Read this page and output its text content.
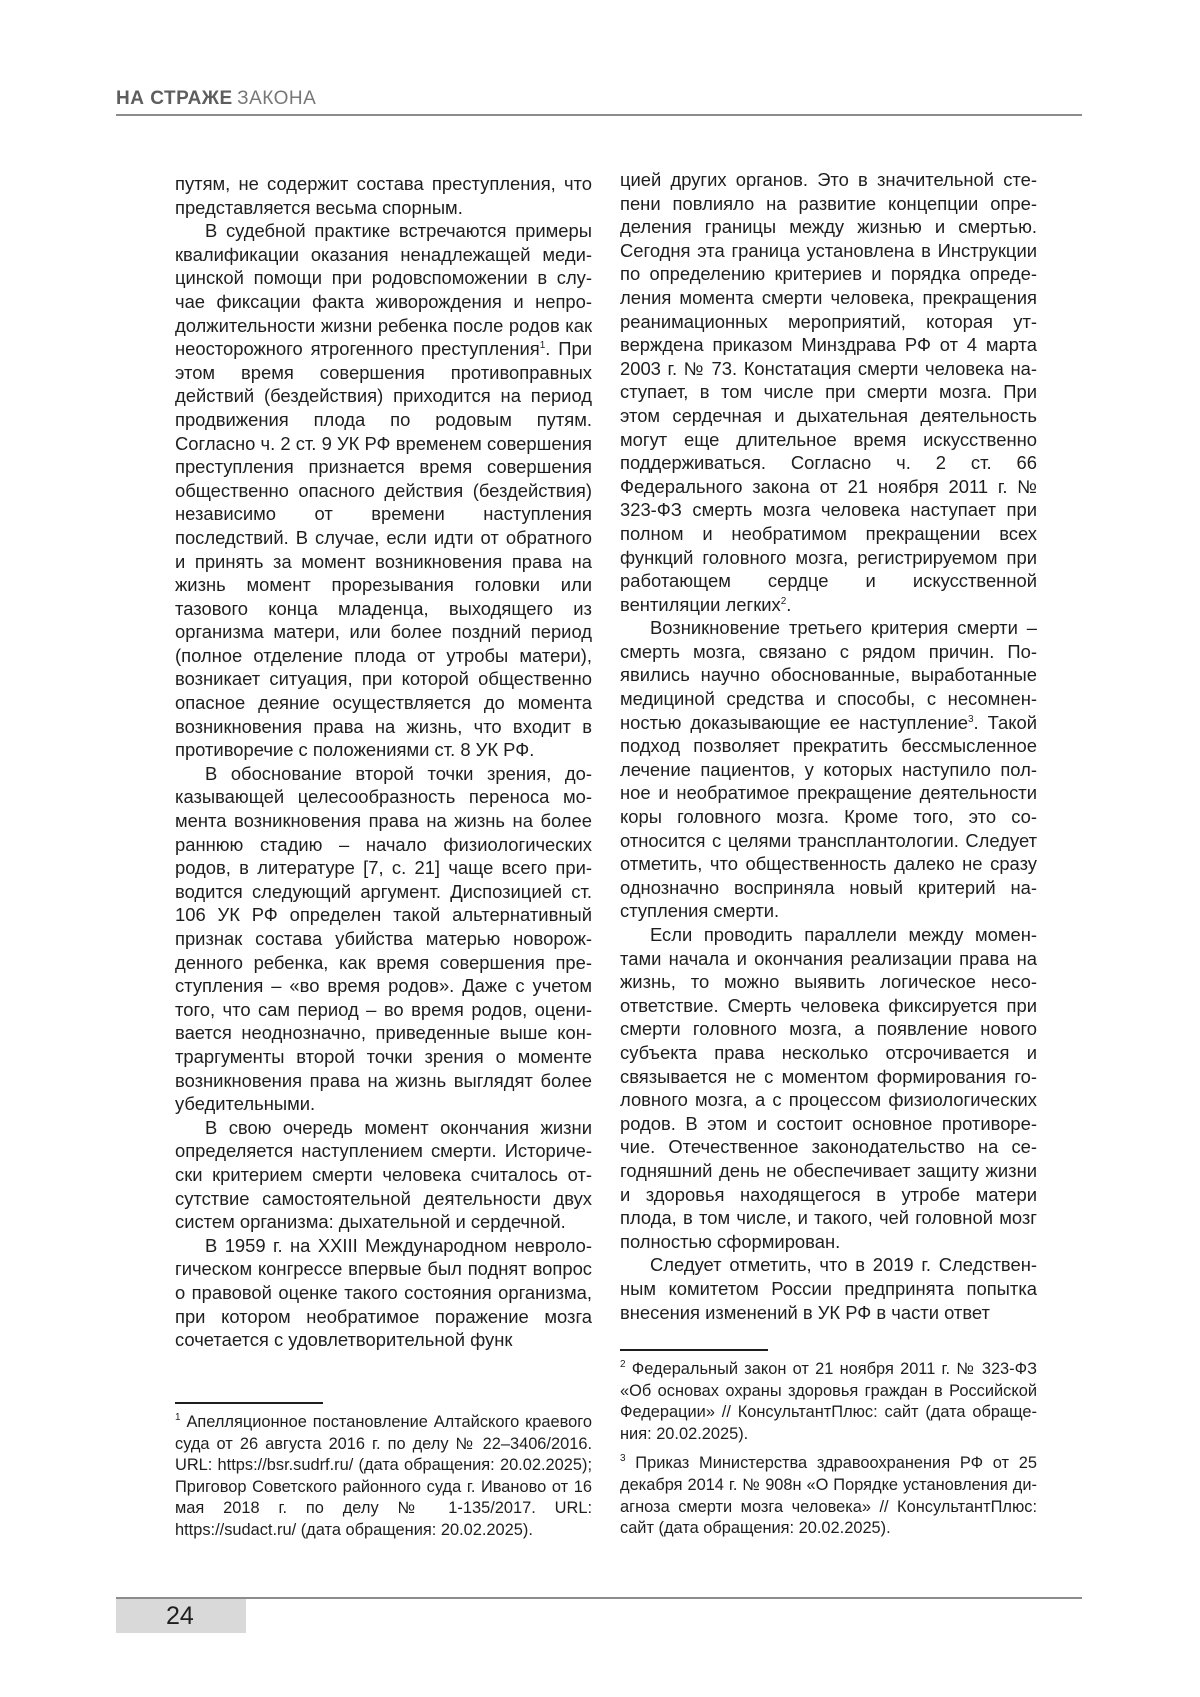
НА СТРАЖЕ ЗАКОНА

путям, не содержит состава преступления, что представляется весьма спорным.

В судебной практике встречаются примеры квалификации оказания ненадлежащей медицинской помощи при родовспоможении в случае фиксации факта живорождения и непродолжительности жизни ребенка после родов как неосторожного ятрогенного преступления$^1$. При этом время совершения противоправных действий (бездействия) приходится на период продвижения плода по родовым путям. Согласно ч. 2 ст. 9 УК РФ временем совершения преступления признается время совершения общественно опасного действия (бездействия) независимо от времени наступления последствий. В случае, если идти от обратного и принять за момент возникновения права на жизнь момент прорезывания головки или тазового конца младенца, выходящего из организма матери, или более поздний период (полное отделение плода от утробы матери), возникает ситуация, при которой общественно опасное деяние осуществляется до момента возникновения права на жизнь, что входит в противоречие с положениями ст. 8 УК РФ.

В обоснование второй точки зрения, доказывающей целесообразность переноса момента возникновения права на жизнь на более раннюю стадию – начало физиологических родов, в литературе [7, с. 21] чаще всего приводится следующий аргумент. Диспозицией ст. 106 УК РФ определен такой альтернативный признак состава убийства матерью новорожденного ребенка, как время совершения преступления – «во время родов». Даже с учетом того, что сам период – во время родов, оценивается неоднозначно, приведенные выше контраргументы второй точки зрения о моменте возникновения права на жизнь выглядят более убедительными.

В свою очередь момент окончания жизни определяется наступлением смерти. Исторически критерием смерти человека считалось отсутствие самостоятельной деятельности двух систем организма: дыхательной и сердечной.

В 1959 г. на XXIII Международном неврологическом конгрессе впервые был поднят вопрос о правовой оценке такого состояния организма, при котором необратимое поражение мозга сочетается с удовлетворительной функ

цией других органов. Это в значительной степени повлияло на развитие концепции определения границы между жизнью и смертью. Сегодня эта граница установлена в Инструкции по определению критериев и порядка определения момента смерти человека, прекращения реанимационных мероприятий, которая утверждена приказом Минздрава РФ от 4 марта 2003 г. № 73. Констатация смерти человека наступает, в том числе при смерти мозга. При этом сердечная и дыхательная деятельность могут еще длительное время искусственно поддерживаться. Согласно ч. 2 ст. 66 Федерального закона от 21 ноября 2011 г. № 323-ФЗ смерть мозга человека наступает при полном и необратимом прекращении всех функций головного мозга, регистрируемом при работающем сердце и искусственной вентиляции легких$^2$.

Возникновение третьего критерия смерти – смерть мозга, связано с рядом причин. Появились научно обоснованные, выработанные медициной средства и способы, с несомненностью доказывающие ее наступление$^3$. Такой подход позволяет прекратить бессмысленное лечение пациентов, у которых наступило полное и необратимое прекращение деятельности коры головного мозга. Кроме того, это соотносится с целями трансплантологии. Следует отметить, что общественность далеко не сразу однозначно восприняла новый критерий наступления смерти.

Если проводить параллели между моментами начала и окончания реализации права на жизнь, то можно выявить логическое несоответствие. Смерть человека фиксируется при смерти головного мозга, а появление нового субъекта права несколько отсрочивается и связывается не с моментом формирования головного мозга, а с процессом физиологических родов. В этом и состоит основное противоречие. Отечественное законодательство на сегодняшний день не обеспечивает защиту жизни и здоровья находящегося в утробе матери плода, в том числе, и такого, чей головной мозг полностью сформирован.

Следует отметить, что в 2019 г. Следственным комитетом России предпринята попытка внесения изменений в УК РФ в части ответ

$^1$ Апелляционное постановление Алтайского краевого суда от 26 августа 2016 г. по делу № 22–3406/2016. URL: https://bsr.sudrf.ru/ (дата обращения: 20.02.2025); Приговор Советского районного суда г. Иваново от 16 мая 2018 г. по делу № 1-135/2017. URL: https://sudact.ru/ (дата обращения: 20.02.2025).

$^2$ Федеральный закон от 21 ноября 2011 г. № 323-ФЗ «Об основах охраны здоровья граждан в Российской Федерации» // КонсультантПлюс: сайт (дата обращения: 20.02.2025).

$^3$ Приказ Министерства здравоохранения РФ от 25 декабря 2014 г. № 908н «О Порядке установления диагноза смерти мозга человека» // КонсультантПлюс: сайт (дата обращения: 20.02.2025).

24
